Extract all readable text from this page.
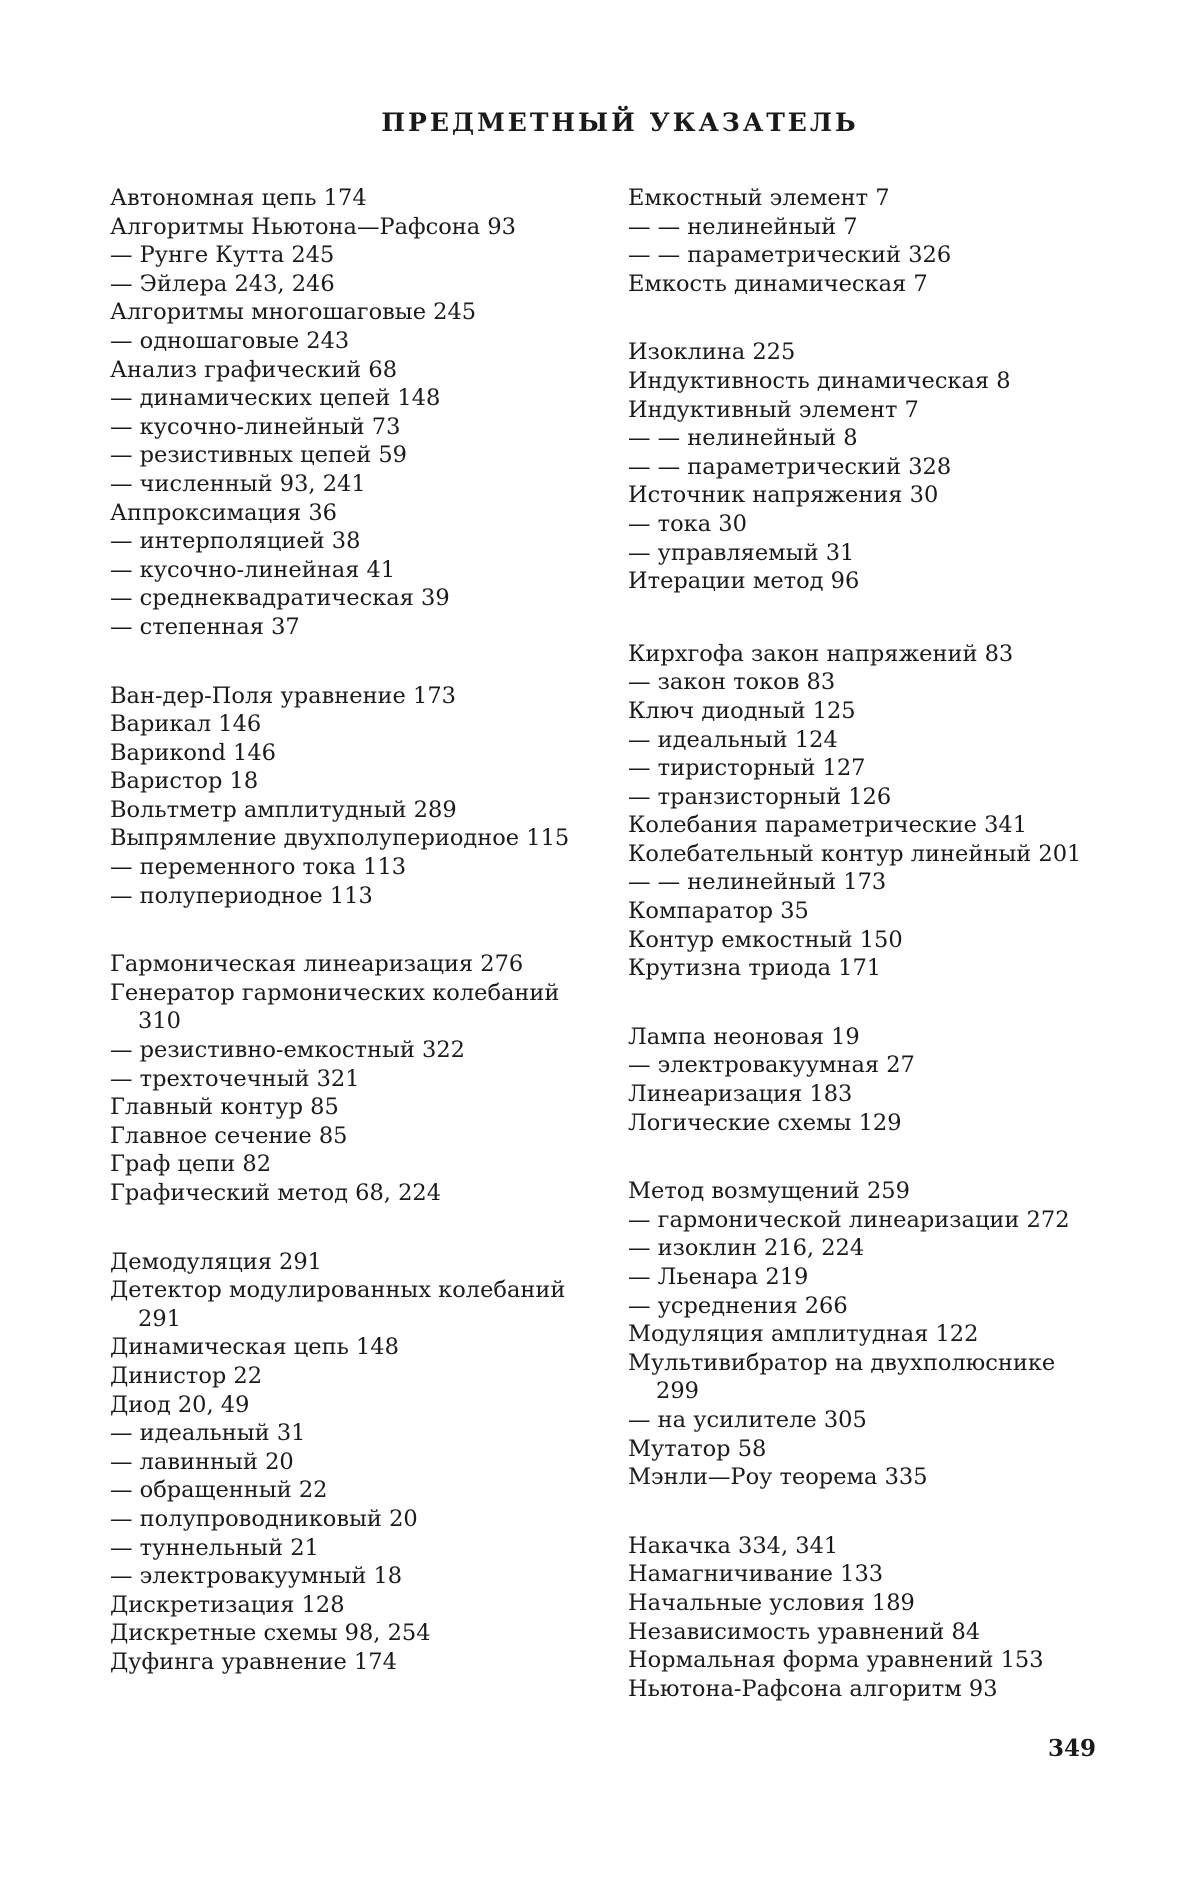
ПРЕДМЕТНЫЙ УКАЗАТЕЛЬ
Автономная цепь 174
Алгоритмы Ньютона—Рафсона 93
— Рунге Кутта 245
— Эйлера 243, 246
Алгоритмы многошаговые 245
— одношаговые 243
Анализ графический 68
— динамических цепей 148
— кусочно-линейный 73
— резистивных цепей 59
— численный 93, 241
Аппроксимация 36
— интерполяцией 38
— кусочно-линейная 41
— среднеквадратическая 39
— степенная 37
Ван-дер-Поля уравнение 173
Варикал 146
Варикond 146
Варистор 18
Вольтметр амплитудный 289
Выпрямление двухполупериодное 115
— переменного тока 113
— полупериодное 113
Гармоническая линеаризация 276
Генератор гармонических колебаний 310
— резистивно-емкостный 322
— трехточечный 321
Главный контур 85
Главное сечение 85
Граф цепи 82
Графический метод 68, 224
Демодуляция 291
Детектор модулированных колебаний 291
Динамическая цепь 148
Динистор 22
Диод 20, 49
— идеальный 31
— лавинный 20
— обращенный 22
— полупроводниковый 20
— туннельный 21
— электровакуумный 18
Дискретизация 128
Дискретные схемы 98, 254
Дуфинга уравнение 174
Емкостный элемент 7
— — нелинейный 7
— — параметрический 326
Емкость динамическая 7
Изоклина 225
Индуктивность динамическая 8
Индуктивный элемент 7
— — нелинейный 8
— — параметрический 328
Источник напряжения 30
— тока 30
— управляемый 31
Итерации метод 96
Кирхгофа закон напряжений 83
— закон токов 83
Ключ диодный 125
— идеальный 124
— тиристорный 127
— транзисторный 126
Колебания параметрические 341
Колебательный контур линейный 201
— — нелинейный 173
Компаратор 35
Контур емкостный 150
Крутизна триода 171
Лампа неоновая 19
— электровакуумная 27
Линеаризация 183
Логические схемы 129
Метод возмущений 259
— гармонической линеаризации 272
— изоклин 216, 224
— Льенара 219
— усреднения 266
Модуляция амплитудная 122
Мультивибратор на двухполюснике 299
— на усилителе 305
Мутатор 58
Мэнли—Роу теорема 335
Накачка 334, 341
Намагничивание 133
Начальные условия 189
Независимость уравнений 84
Нормальная форма уравнений 153
Ньютона-Рафсона алгоритм 93
349
